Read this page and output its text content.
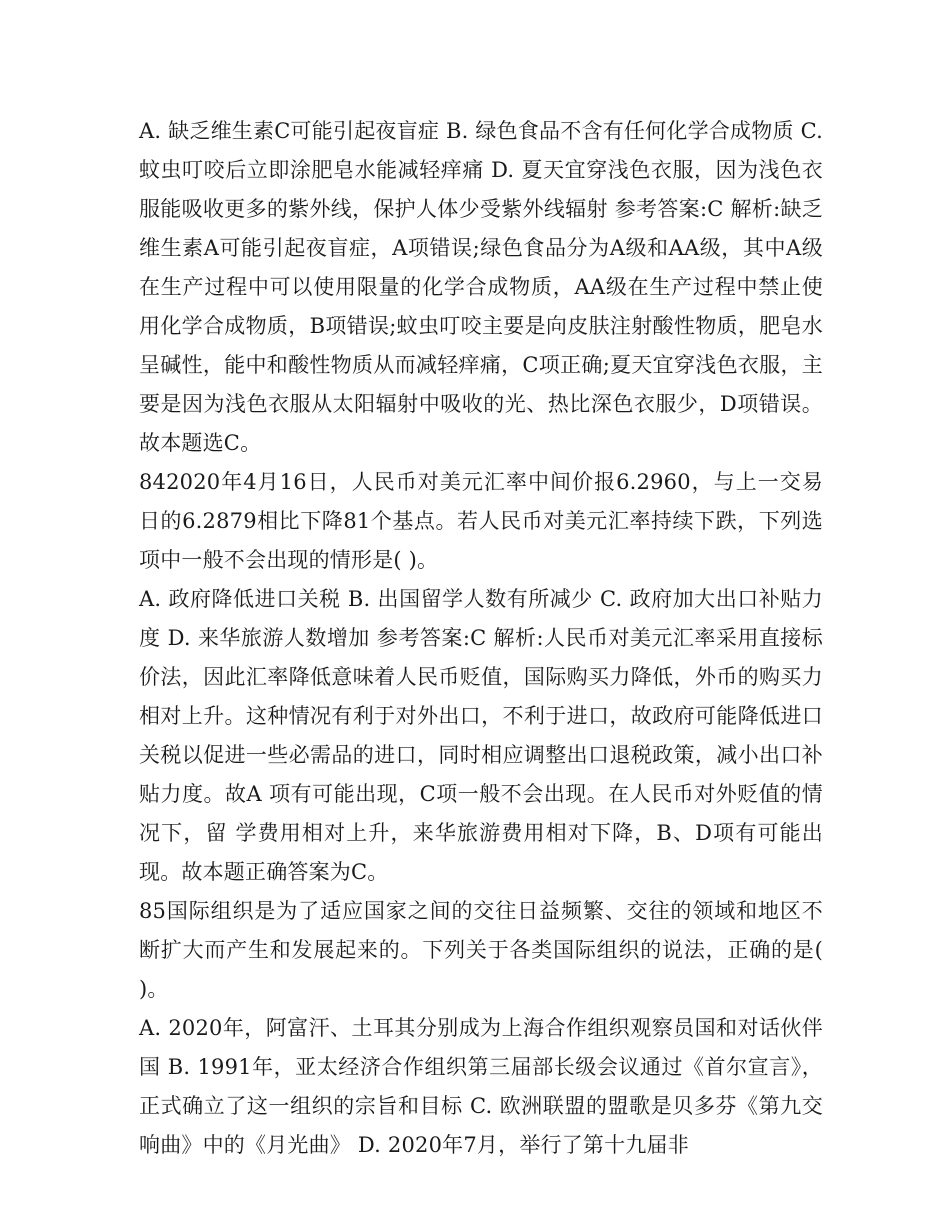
A. 缺乏维生素C可能引起夜盲症 B. 绿色食品不含有任何化学合成物质 C. 蚊虫叮咬后立即涂肥皂水能减轻痒痛 D. 夏天宜穿浅色衣服，因为浅色衣服能吸收更多的紫外线，保护人体少受紫外线辐射 参考答案:C 解析:缺乏维生素A可能引起夜盲症，A项错误;绿色食品分为A级和AA级，其中A级在生产过程中可以使用限量的化学合成物质，AA级在生产过程中禁止使用化学合成物质，B项错误;蚊虫叮咬主要是向皮肤注射酸性物质，肥皂水呈碱性，能中和酸性物质从而减轻痒痛，C项正确;夏天宜穿浅色衣服，主要是因为浅色衣服从太阳辐射中吸收的光、热比深色衣服少，D项错误。故本题选C。

842020年4月16日，人民币对美元汇率中间价报6.2960，与上一交易日的6.2879相比下降81个基点。若人民币对美元汇率持续下跌，下列选项中一般不会出现的情形是( )。

A. 政府降低进口关税 B. 出国留学人数有所减少 C. 政府加大出口补贴力度 D. 来华旅游人数增加 参考答案:C 解析:人民币对美元汇率采用直接标价法，因此汇率降低意味着人民币贬值，国际购买力降低，外币的购买力相对上升。这种情况有利于对外出口，不利于进口，故政府可能降低进口关税以促进一些必需品的进口，同时相应调整出口退税政策，减小出口补贴力度。故A 项有可能出现，C项一般不会出现。在人民币对外贬值的情况下，留 学费用相对上升，来华旅游费用相对下降，B、D项有可能出现。故本题正确答案为C。

85国际组织是为了适应国家之间的交往日益频繁、交往的领域和地区不断扩大而产生和发展起来的。下列关于各类国际组织的说法，正确的是( )。

A. 2020年，阿富汗、土耳其分别成为上海合作组织观察员国和对话伙伴国 B. 1991年，亚太经济合作组织第三届部长级会议通过《首尔宣言》，正式确立了这一组织的宗旨和目标 C. 欧洲联盟的盟歌是贝多芬《第九交响曲》中的《月光曲》 D. 2020年7月，举行了第十九届非
